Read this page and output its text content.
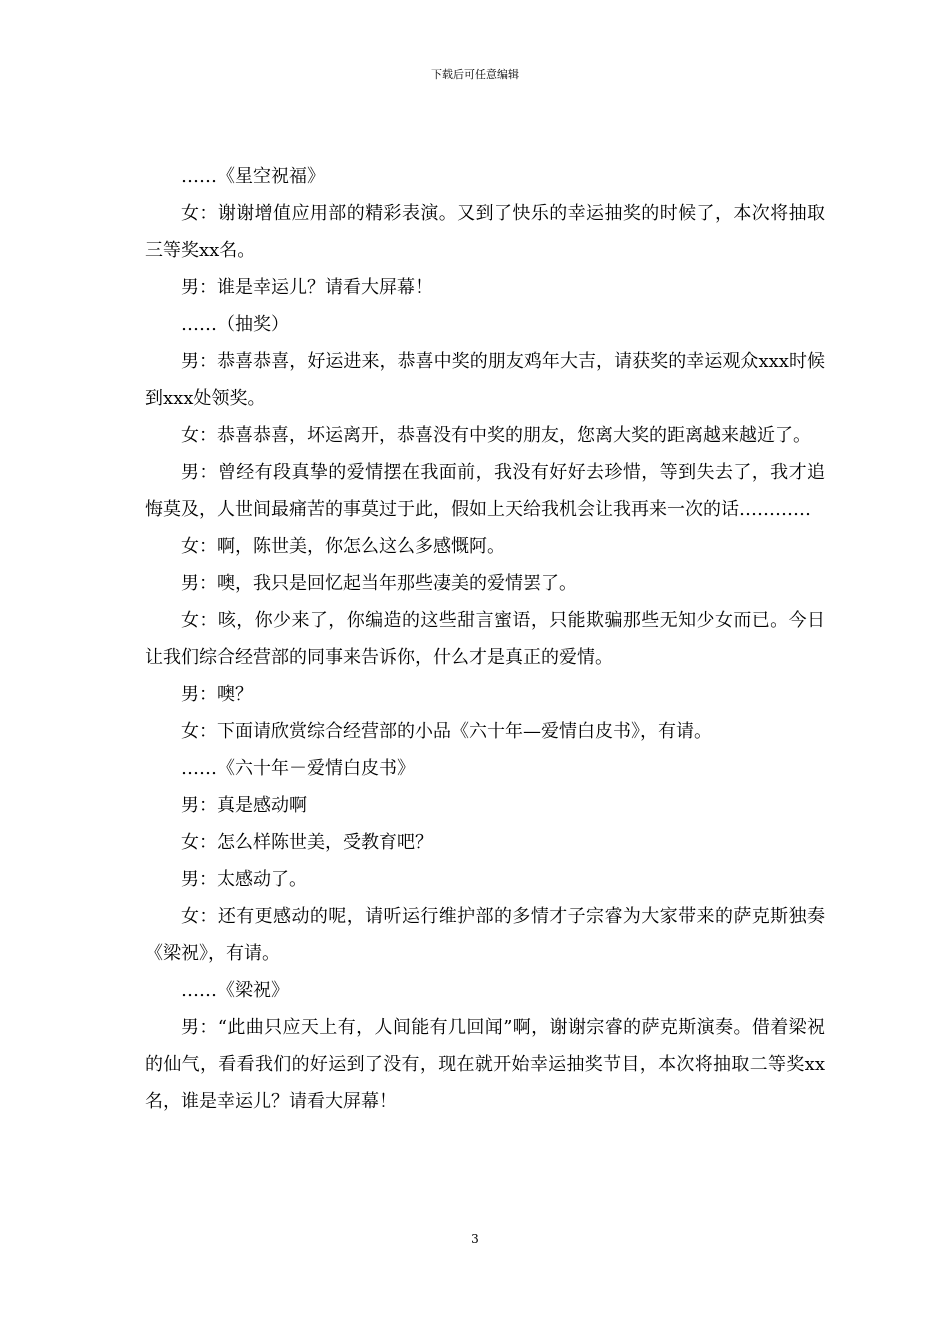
下载后可任意编辑

……《星空祝福》

女：谢谢增值应用部的精彩表演。又到了快乐的幸运抽奖的时候了，本次将抽取三等奖xx名。

男：谁是幸运儿？请看大屏幕！

……（抽奖）

男：恭喜恭喜，好运进来，恭喜中奖的朋友鸡年大吉，请获奖的幸运观众xxx时候到xxx处领奖。

女：恭喜恭喜，坏运离开，恭喜没有中奖的朋友，您离大奖的距离越来越近了。

男：曾经有段真挚的爱情摆在我面前，我没有好好去珍惜，等到失去了，我才追悔莫及，人世间最痛苦的事莫过于此，假如上天给我机会让我再来一次的话…………

女：啊，陈世美，你怎么这么多感慨阿。

男：噢，我只是回忆起当年那些凄美的爱情罢了。

女：咳，你少来了，你编造的这些甜言蜜语，只能欺骗那些无知少女而已。今日让我们综合经营部的同事来告诉你，什么才是真正的爱情。

男：噢？

女：下面请欣赏综合经营部的小品《六十年—爱情白皮书》，有请。

……《六十年－爱情白皮书》

男：真是感动啊

女：怎么样陈世美，受教育吧？

男：太感动了。

女：还有更感动的呢，请听运行维护部的多情才子宗睿为大家带来的萨克斯独奏《梁祝》，有请。

……《梁祝》

男：“此曲只应天上有，人间能有几回闻”啊，谢谢宗睿的萨克斯演奏。借着梁祝的仙气，看看我们的好运到了没有，现在就开始幸运抽奖节目，本次将抽取二等奖xx名，谁是幸运儿？请看大屏幕！

3
